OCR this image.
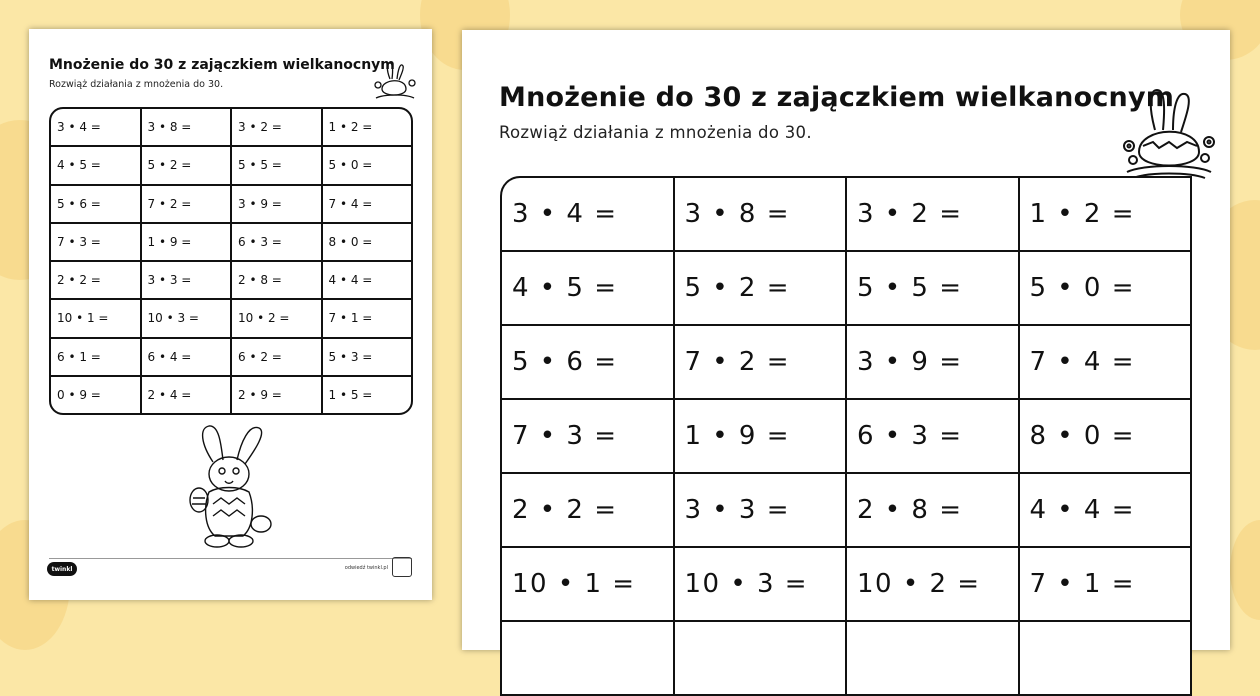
Mnożenie do 30 z zajączkiem wielkanocnym
Rozwiąż działania z mnożenia do 30.
3 • 4 =	3 • 8 =	3 • 2 =	1 • 2 =
4 • 5 =	5 • 2 =	5 • 5 =	5 • 0 =
5 • 6 =	7 • 2 =	3 • 9 =	7 • 4 =
7 • 3 =	1 • 9 =	6 • 3 =	8 • 0 =
2 • 2 =	3 • 3 =	2 • 8 =	4 • 4 =
10 • 1 =	10 • 3 =	10 • 2 =	7 • 1 =
6 • 1 =	6 • 4 =	6 • 2 =	5 • 3 =
0 • 9 =	2 • 4 =	2 • 9 =	1 • 5 =
twinkl	odwiedź twinkl.pl
Mnożenie do 30 z zajączkiem wielkanocnym
Rozwiąż działania z mnożenia do 30.
3 • 4 =	3 • 8 =	3 • 2 =	1 • 2 =
4 • 5 =	5 • 2 =	5 • 5 =	5 • 0 =
5 • 6 =	7 • 2 =	3 • 9 =	7 • 4 =
7 • 3 =	1 • 9 =	6 • 3 =	8 • 0 =
2 • 2 =	3 • 3 =	2 • 8 =	4 • 4 =
10 • 1 =	10 • 3 =	10 • 2 =	7 • 1 =
